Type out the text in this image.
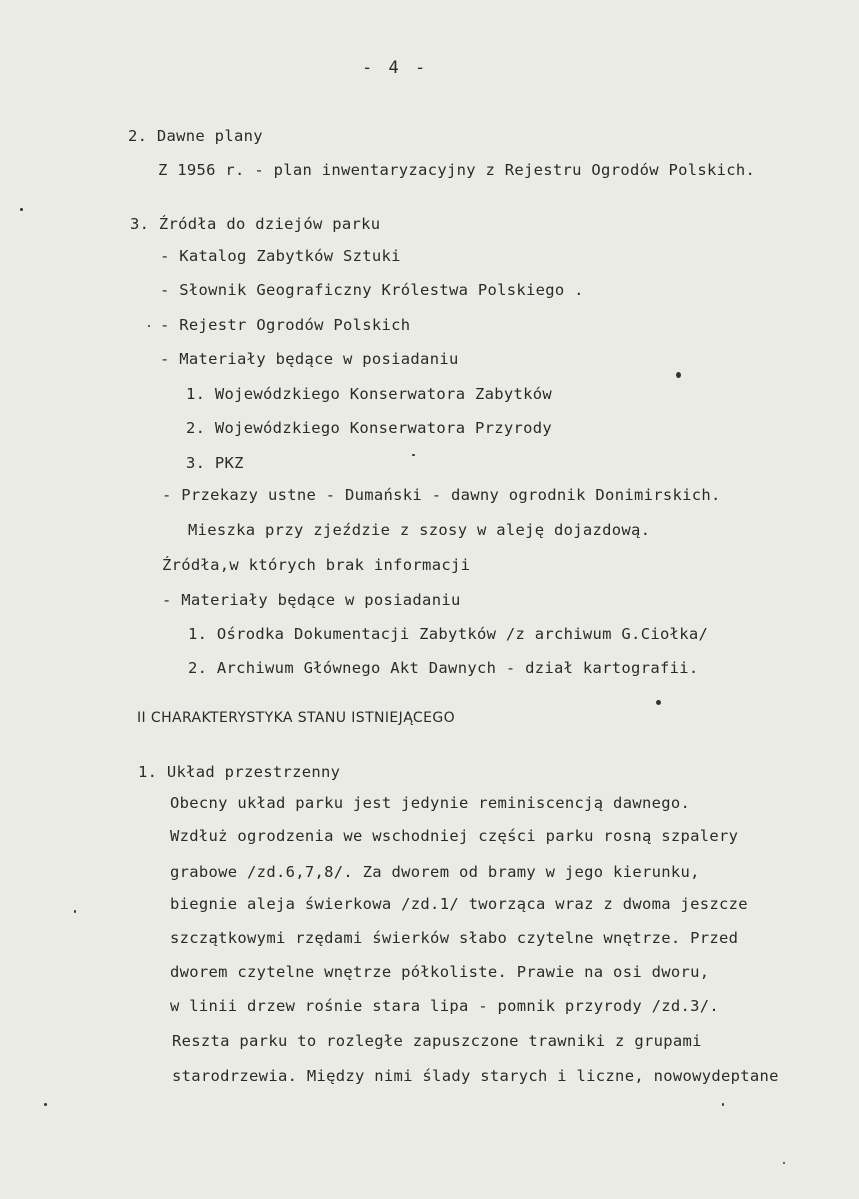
- 4 -
2. Dawne plany
Z 1956 r. - plan inwentaryzacyjny z Rejestru Ogrodów Polskich.
3. Źródła do dziejów parku
- Katalog Zabytków Sztuki
- Słownik Geograficzny Królestwa Polskiego .
- Rejestr Ogrodów Polskich
- Materiały będące w posiadaniu
1. Wojewódzkiego Konserwatora Zabytków
2. Wojewódzkiego Konserwatora Przyrody
3. PKZ
- Przekazy ustne - Dumański - dawny ogrodnik Donimirskich.
Mieszka przy zjeździe z szosy w aleję dojazdową.
Źródła,w których brak informacji
- Materiały będące w posiadaniu
1. Ośrodka Dokumentacji Zabytków /z archiwum G.Ciołka/
2. Archiwum Głównego Akt Dawnych - dział kartografii.
II CHARAKTERYSTYKA STANU ISTNIEJĄCEGO
1. Układ przestrzenny
Obecny układ parku jest jedynie reminiscencją dawnego.
Wzdłuż ogrodzenia we wschodniej części parku rosną szpalery
grabowe /zd.6,7,8/. Za dworem od bramy w jego kierunku,
biegnie aleja świerkowa /zd.1/ tworząca wraz z dwoma jeszcze
szczątkowymi rzędami świerków słabo czytelne wnętrze. Przed
dworem czytelne wnętrze półkoliste. Prawie na osi dworu,
w linii drzew rośnie stara lipa - pomnik przyrody /zd.3/.
Reszta parku to rozległe zapuszczone trawniki z grupami
starodrzewia. Między nimi ślady starych i liczne, nowowydeptane
